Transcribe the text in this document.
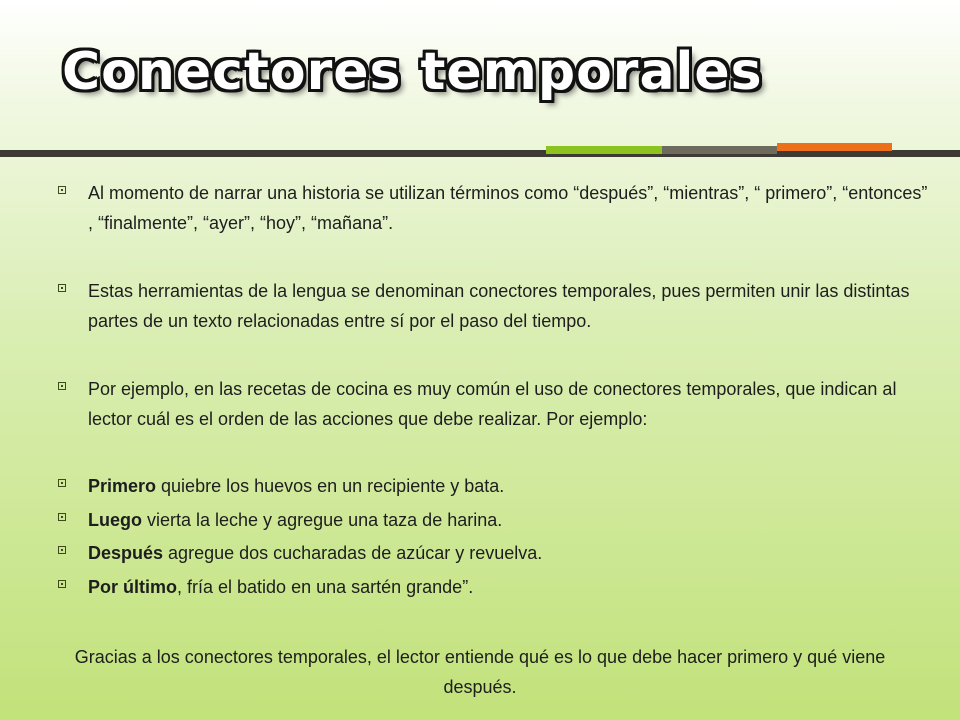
Conectores temporales
Al momento de narrar una historia se utilizan términos como “después”, “mientras”, “ primero”, “entonces” , “finalmente”, “ayer”, “hoy”, “mañana”.
Estas herramientas de la lengua se denominan conectores temporales, pues permiten unir las distintas partes de un texto relacionadas entre sí por el paso del tiempo.
Por ejemplo, en las recetas de cocina es muy común el uso de conectores temporales, que indican al lector cuál es el orden de las acciones que debe realizar. Por ejemplo:
Primero quiebre los huevos en un recipiente y bata.
Luego vierta la leche y agregue una taza de harina.
Después agregue dos cucharadas de azúcar y revuelva.
Por último, fría el batido en una sartén grande”.

Gracias a los conectores temporales, el lector entiende qué es lo que debe hacer primero y qué viene después.
